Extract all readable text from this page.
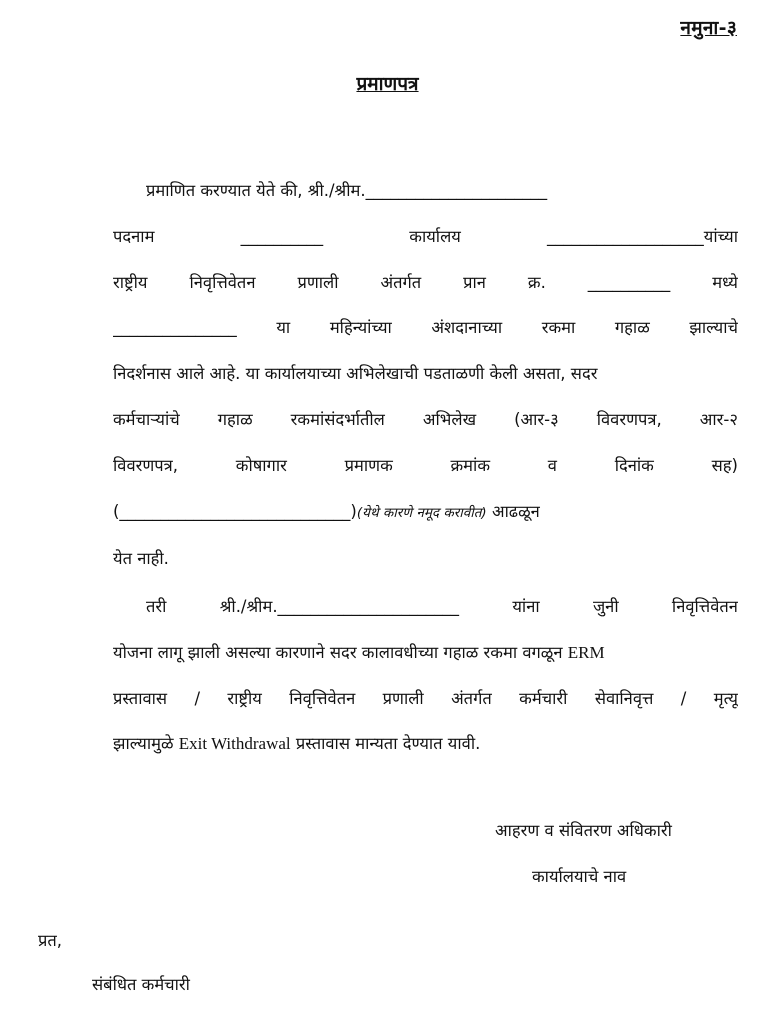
नमुना-३
प्रमाणपत्र
प्रमाणित करण्यात येते की, श्री./श्रीम.______________________
पदनाम	__________	कार्यालय	___________________यांच्या
राष्ट्रीय	निवृत्तिवेतन	प्रणाली	अंतर्गत	प्रान	क्र.	__________	मध्ये
_______________ या महिन्यांच्या अंशदानाच्या रकमा गहाळ झाल्याचे
निदर्शनास आले आहे. या कार्यालयाच्या अभिलेखाची पडताळणी केली असता, सदर
कर्मचाऱ्यांचे गहाळ रकमांसंदर्भातील अभिलेख (आर-३ विवरणपत्र, आर-२
विवरणपत्र,	कोषागार	प्रमाणक	क्रमांक	व	दिनांक	सह)
(____________________________)(येथे कारणे नमूद करावीत) आढळून
येत नाही.
तरी	श्री./श्रीम.______________________	यांना	जुनी	निवृत्तिवेतन
योजना लागू झाली असल्या कारणाने सदर कालावधीच्या गहाळ रकमा वगळून ERM
प्रस्तावास / राष्ट्रीय निवृत्तिवेतन प्रणाली अंतर्गत कर्मचारी सेवानिवृत्त / मृत्यू
झाल्यामुळे Exit Withdrawal प्रस्तावास मान्यता देण्यात यावी.
आहरण व संवितरण अधिकारी
कार्यालयाचे नाव
प्रत,
संबंधित कर्मचारी
